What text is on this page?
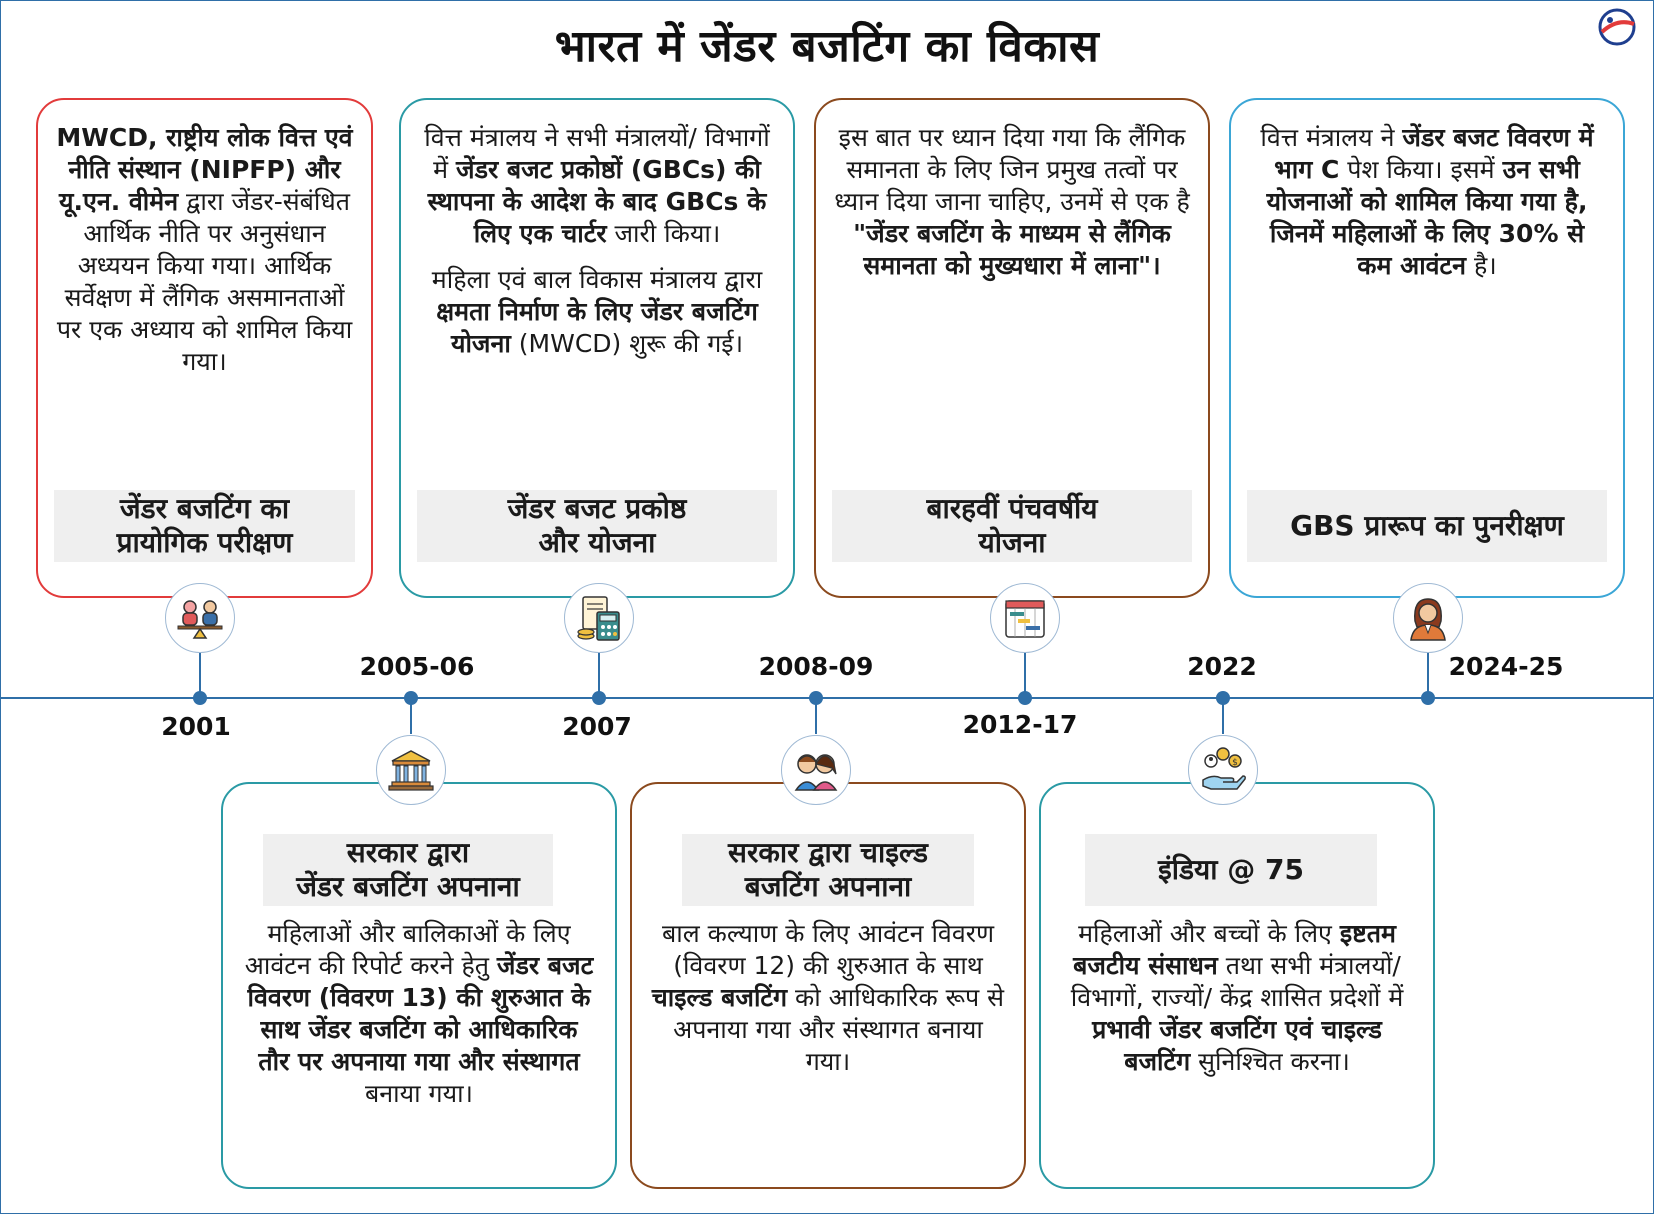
भारत में जेंडर बजटिंग का विकास

MWCD, राष्ट्रीय लोक वित्त एवं नीति संस्थान (NIPFP) और यू.एन. वीमेन द्वारा जेंडर-संबंधित आर्थिक नीति पर अनुसंधान अध्ययन किया गया। आर्थिक सर्वेक्षण में लैंगिक असमानताओं पर एक अध्याय को शामिल किया गया।

जेंडर बजटिंग का
प्रायोगिक परीक्षण

वित्त मंत्रालय ने सभी मंत्रालयों/ विभागों में जेंडर बजट प्रकोष्ठों (GBCs) की स्थापना के आदेश के बाद GBCs के लिए एक चार्टर जारी किया।

महिला एवं बाल विकास मंत्रालय द्वारा क्षमता निर्माण के लिए जेंडर बजटिंग योजना (MWCD) शुरू की गई।

जेंडर बजट प्रकोष्ठ
और योजना

इस बात पर ध्यान दिया गया कि लैंगिक समानता के लिए जिन प्रमुख तत्वों पर ध्यान दिया जाना चाहिए, उनमें से एक है "जेंडर बजटिंग के माध्यम से लैंगिक समानता को मुख्यधारा में लाना"।

बारहवीं पंचवर्षीय
योजना

वित्त मंत्रालय ने जेंडर बजट विवरण में भाग C पेश किया। इसमें उन सभी योजनाओं को शामिल किया गया है, जिनमें महिलाओं के लिए 30% से कम आवंटन है।

GBS प्रारूप का पुनरीक्षण
सरकार द्वारा
जेंडर बजटिंग अपनाना

महिलाओं और बालिकाओं के लिए आवंटन की रिपोर्ट करने हेतु जेंडर बजट विवरण (विवरण 13) की शुरुआत के साथ जेंडर बजटिंग को आधिकारिक तौर पर अपनाया गया और संस्थागत बनाया गया।

सरकार द्वारा चाइल्ड
बजटिंग अपनाना

बाल कल्याण के लिए आवंटन विवरण (विवरण 12) की शुरुआत के साथ चाइल्ड बजटिंग को आधिकारिक रूप से अपनाया गया और संस्थागत बनाया गया।

इंडिया @ 75

महिलाओं और बच्चों के लिए इष्टतम बजटीय संसाधन तथा सभी मंत्रालयों/ विभागों, राज्यों/ केंद्र शासित प्रदेशों में प्रभावी जेंडर बजटिंग एवं चाइल्ड बजटिंग सुनिश्चित करना।

2001
2005-06
2007
2008-09
2012-17
$
2022	2024-25
